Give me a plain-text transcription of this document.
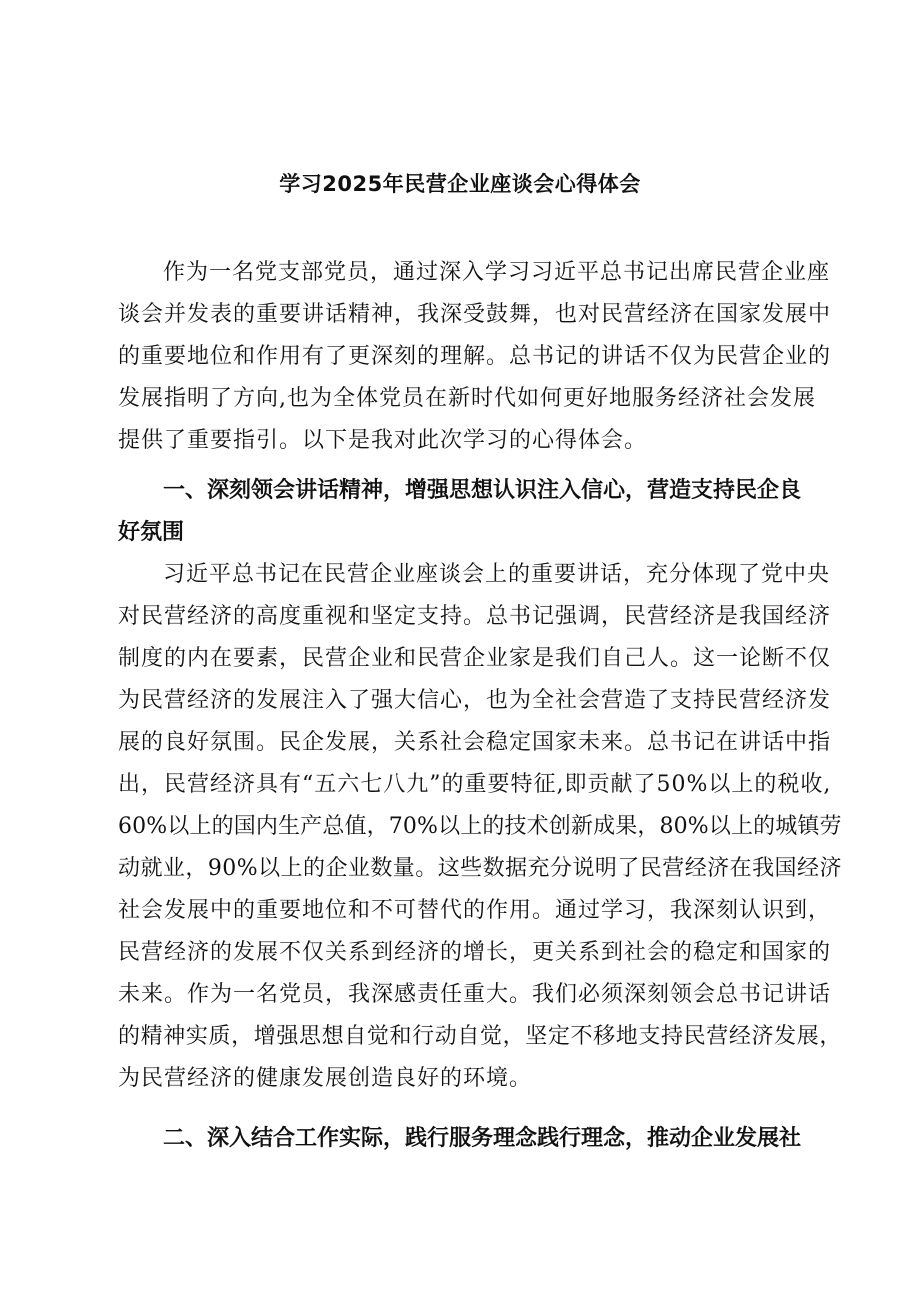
学习2025年民营企业座谈会心得体会

作为一名党支部党员，通过深入学习习近平总书记出席民营企业座

谈会并发表的重要讲话精神，我深受鼓舞，也对民营经济在国家发展中

的重要地位和作用有了更深刻的理解。总书记的讲话不仅为民营企业的

发展指明了方向,也为全体党员在新时代如何更好地服务经济社会发展

提供了重要指引。以下是我对此次学习的心得体会。

一、深刻领会讲话精神，增强思想认识注入信心，营造支持民企良
好氛围

习近平总书记在民营企业座谈会上的重要讲话，充分体现了党中央

对民营经济的高度重视和坚定支持。总书记强调，民营经济是我国经济

制度的内在要素，民营企业和民营企业家是我们自己人。这一论断不仅

为民营经济的发展注入了强大信心，也为全社会营造了支持民营经济发

展的良好氛围。民企发展，关系社会稳定国家未来。总书记在讲话中指

出，民营经济具有“五六七八九”的重要特征,即贡献了50%以上的税收,

60%以上的国内生产总值，70%以上的技术创新成果，80%以上的城镇劳

动就业，90%以上的企业数量。这些数据充分说明了民营经济在我国经济

社会发展中的重要地位和不可替代的作用。通过学习，我深刻认识到，

民营经济的发展不仅关系到经济的增长，更关系到社会的稳定和国家的

未来。作为一名党员，我深感责任重大。我们必须深刻领会总书记讲话

的精神实质，增强思想自觉和行动自觉，坚定不移地支持民营经济发展，

为民营经济的健康发展创造良好的环境。

二、深入结合工作实际，践行服务理念践行理念，推动企业发展社
